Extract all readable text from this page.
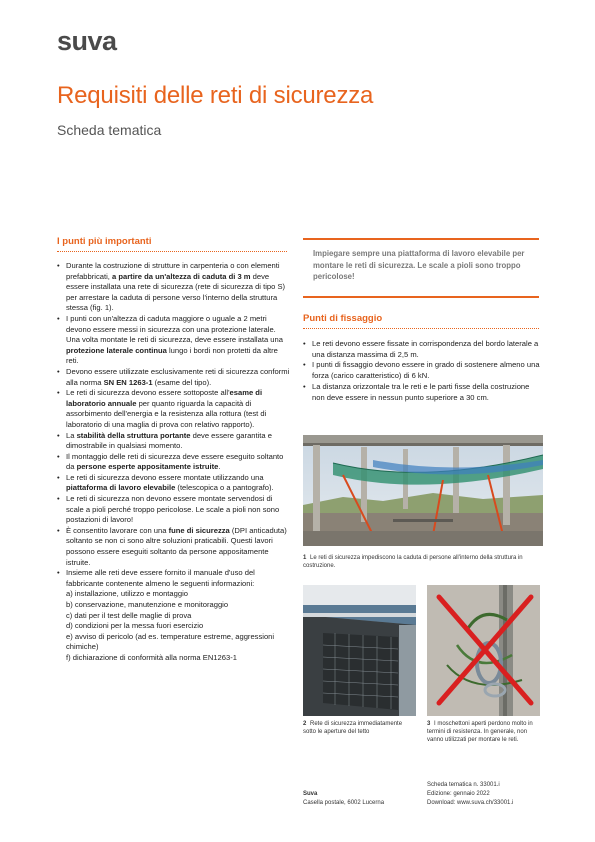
suva
Requisiti delle reti di sicurezza
Scheda tematica
I punti più importanti
• Durante la costruzione di strutture in carpenteria o con elementi prefabbricati, a partire da un'altezza di caduta di 3 m deve essere installata una rete di sicurezza (rete di sicurezza di tipo S) per arrestare la caduta di persone verso l'interno della struttura stessa (fig. 1).
• I punti con un'altezza di caduta maggiore o uguale a 2 metri devono essere messi in sicurezza con una protezione laterale. Una volta montate le reti di sicurezza, deve essere installata una protezione laterale continua lungo i bordi non protetti da altre reti.
• Devono essere utilizzate esclusivamente reti di sicurezza conformi alla norma SN EN 1263-1 (esame del tipo).
• Le reti di sicurezza devono essere sottoposte all'esame di laboratorio annuale per quanto riguarda la capacità di assorbimento dell'energia e la resistenza alla rottura (test di laboratorio di una maglia di prova con relativo rapporto).
• La stabilità della struttura portante deve essere garantita e dimostrabile in qualsiasi momento.
• Il montaggio delle reti di sicurezza deve essere eseguito soltanto da persone esperte appositamente istruite.
• Le reti di sicurezza devono essere montate utilizzando una piattaforma di lavoro elevabile (telescopica o a pantografo).
• Le reti di sicurezza non devono essere montate servendosi di scale a pioli perché troppo pericolose. Le scale a pioli non sono postazioni di lavoro!
• È consentito lavorare con una fune di sicurezza (DPI anticaduta) soltanto se non ci sono altre soluzioni praticabili. Questi lavori possono essere eseguiti soltanto da persone appositamente istruite.
• Insieme alle reti deve essere fornito il manuale d'uso del fabbricante contenente almeno le seguenti informazioni:
a) installazione, utilizzo e montaggio
b) conservazione, manutenzione e monitoraggio
c) dati per il test delle maglie di prova
d) condizioni per la messa fuori esercizio
e) avviso di pericolo (ad es. temperature estreme, aggressioni chimiche)
f) dichiarazione di conformità alla norma EN1263-1
Impiegare sempre una piattaforma di lavoro elevabile per montare le reti di sicurezza. Le scale a pioli sono troppo pericolose!
Punti di fissaggio
• Le reti devono essere fissate in corrispondenza del bordo laterale a una distanza massima di 2,5 m.
• I punti di fissaggio devono essere in grado di sostenere almeno una forza (carico caratteristico) di 6 kN.
• La distanza orizzontale tra le reti e le parti fisse della costruzione non deve essere in nessun punto superiore a 30 cm.
1 Le reti di sicurezza impediscono la caduta di persone all'interno della struttura in costruzione.
2 Rete di sicurezza immediatamente sotto le aperture del tetto
3 I moschettoni aperti perdono molto in termini di resistenza. In generale, non vanno utilizzati per montare le reti.
Suva
Casella postale, 6002 Lucerna
Scheda tematica n. 33001.i
Edizione: gennaio 2022
Download: www.suva.ch/33001.i
